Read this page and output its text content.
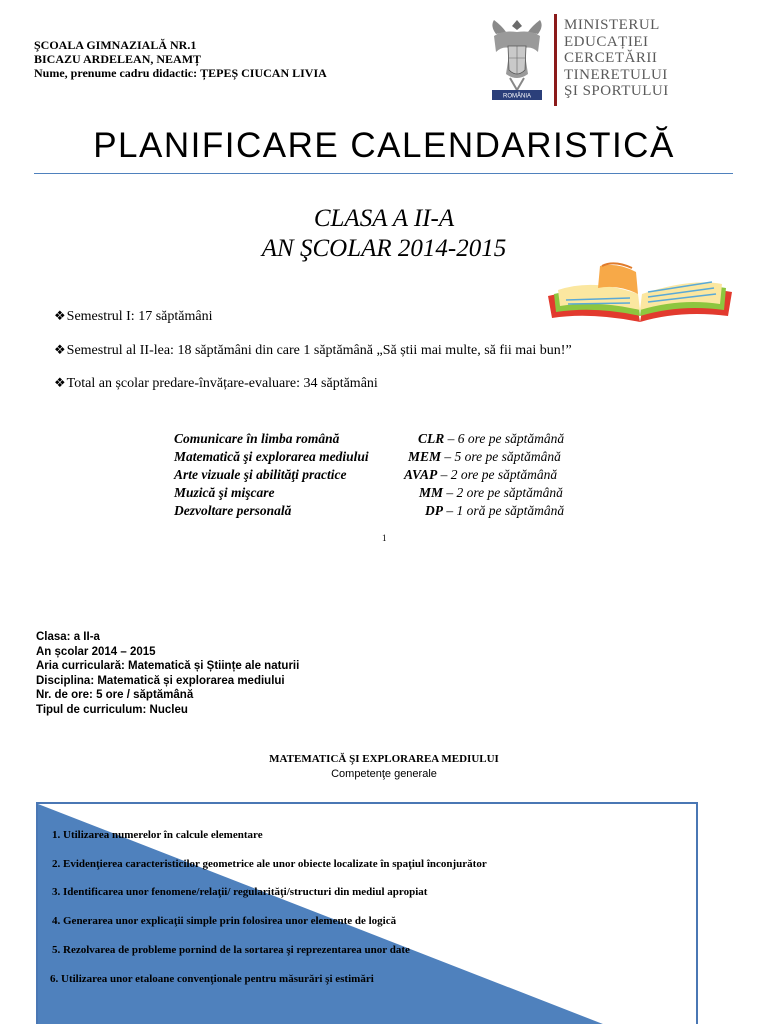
ŞCOALA GIMNAZIALĂ NR.1
BICAZU ARDELEAN, NEAMȚ
Nume, prenume cadru didactic: ȚEPEȘ CIUCAN LIVIA
ROMÂNIA
MINISTERUL
EDUCAȚIEI
CERCETĂRII
TINERETULUI
ŞI SPORTULUI
PLANIFICARE CALENDARISTICĂ
CLASA A II-A
AN ŞCOLAR 2014-2015
❖Semestrul I: 17 săptămâni
❖Semestrul al II-lea: 18 săptămâni din care 1 săptămână „Să știi mai multe, să fii mai bun!”
❖Total an școlar predare-învățare-evaluare: 34 săptămâni
Comunicare în limba română	CLR – 6 ore pe săptămână
Matematică şi explorarea mediului	MEM – 5 ore pe săptămână
Arte vizuale şi abilităţi practice	AVAP – 2 ore pe săptămână
Muzică şi mişcare	MM – 2 ore pe săptămână
Dezvoltare personală	DP – 1 oră pe săptămână
1
Clasa: a II-a
An școlar 2014 – 2015
Aria curriculară: Matematică și Științe ale naturii
Disciplina: Matematică și explorarea mediului
Nr. de ore: 5 ore / săptămână
Tipul de curriculum: Nucleu
MATEMATICĂ ŞI EXPLORAREA MEDIULUI
Competenţe generale
1. Utilizarea numerelor în calcule elementare
2. Evidenţierea caracteristicilor geometrice ale unor obiecte localizate în spaţiul înconjurător
3. Identificarea unor fenomene/relaţii/ regularităţi/structuri din mediul apropiat
4. Generarea unor explicaţii simple prin folosirea unor elemente de logică
5. Rezolvarea de probleme pornind de la sortarea şi reprezentarea unor date
6. Utilizarea unor etaloane convenţionale pentru măsurări şi estimări
